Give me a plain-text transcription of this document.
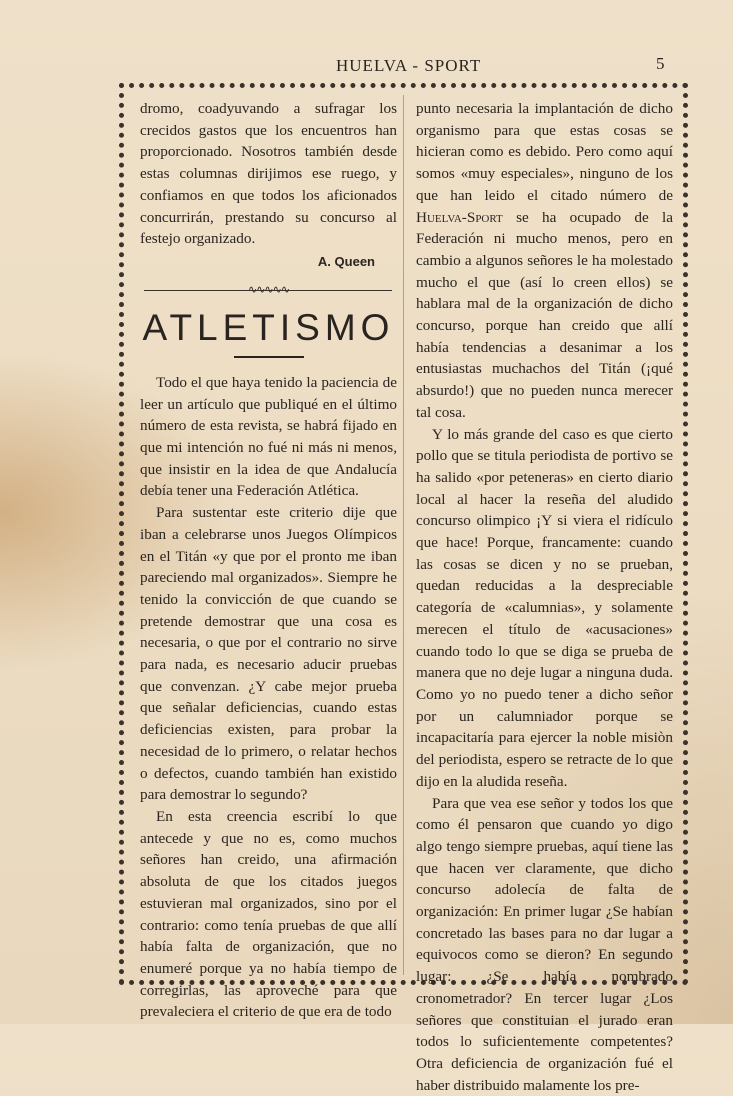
HUELVA - SPORT	5

dromo, coadyuvando a sufragar los crecidos gastos que los encuentros han proporcionado. Nosotros también desde estas columnas dirijimos ese ruego, y confiamos en que todos los aficionados concurrirán, prestando su concurso al festejo organizado.

A. Queen
∿∿∿∿∿
ATLETISMO

Todo el que haya tenido la paciencia de leer un artículo que publiqué en el último número de esta revista, se habrá fijado en que mi intención no fué ni más ni menos, que insistir en la idea de que Andalucía debía tener una Federación Atlética.

Para sustentar este criterio dije que iban a celebrarse unos Juegos Olímpicos en el Titán «y que por el pronto me iban pareciendo mal organizados». Siempre he tenido la convicción de que cuando se pretende demostrar que una cosa es necesaria, o que por el contrario no sirve para nada, es necesario aducir pruebas que convenzan. ¿Y cabe mejor prueba que señalar deficiencias, cuando estas deficiencias existen, para probar la necesidad de lo primero, o relatar hechos o defectos, cuando también han existido para demostrar lo segundo?

En esta creencia escribí lo que antecede y que no es, como muchos señores han creido, una afirmación absoluta de que los citados juegos estuvieran mal organizados, sino por el contrario: como tenía pruebas de que allí había falta de organización, que no enumeré porque ya no había tiempo de corregirlas, las aproveché para que prevaleciera el criterio de que era de todo

punto necesaria la implantación de dicho organismo para que estas cosas se hicieran como es debido. Pero como aquí somos «muy especiales», ninguno de los que han leido el citado número de Huelva-Sport se ha ocupado de la Federación ni mucho menos, pero en cambio a algunos señores le ha molestado mucho el que (así lo creen ellos) se hablara mal de la organización de dicho concurso, porque han creido que allí había tendencias a desanimar a los entusiastas muchachos del Titán (¡qué absurdo!) que no pueden nunca merecer tal cosa.

Y lo más grande del caso es que cierto pollo que se titula periodista de portivo se ha salido «por peteneras» en cierto diario local al hacer la reseña del aludido concurso olimpico ¡Y si viera el ridículo que hace! Porque, francamente: cuando las cosas se dicen y no se prueban, quedan reducidas a la despreciable categoría de «calumnias», y solamente merecen el título de «acusaciones» cuando todo lo que se diga se prueba de manera que no deje lugar a ninguna duda. Como yo no puedo tener a dicho señor por un calumniador porque se incapacitaría para ejercer la noble misiòn del periodista, espero se retracte de lo que dijo en la aludida reseña.

Para que vea ese señor y todos los que como él pensaron que cuando yo digo algo tengo siempre pruebas, aquí tiene las que hacen ver claramente, que dicho concurso adolecía de falta de organización: En primer lugar ¿Se habían concretado las bases para no dar lugar a equivocos como se dieron? En segundo lugar: ¿Se había nombrado cronometrador? En tercer lugar ¿Los señores que constituian el jurado eran todos lo suficientemente competentes? Otra deficiencia de organización fué el haber distribuido malamente los pre-
